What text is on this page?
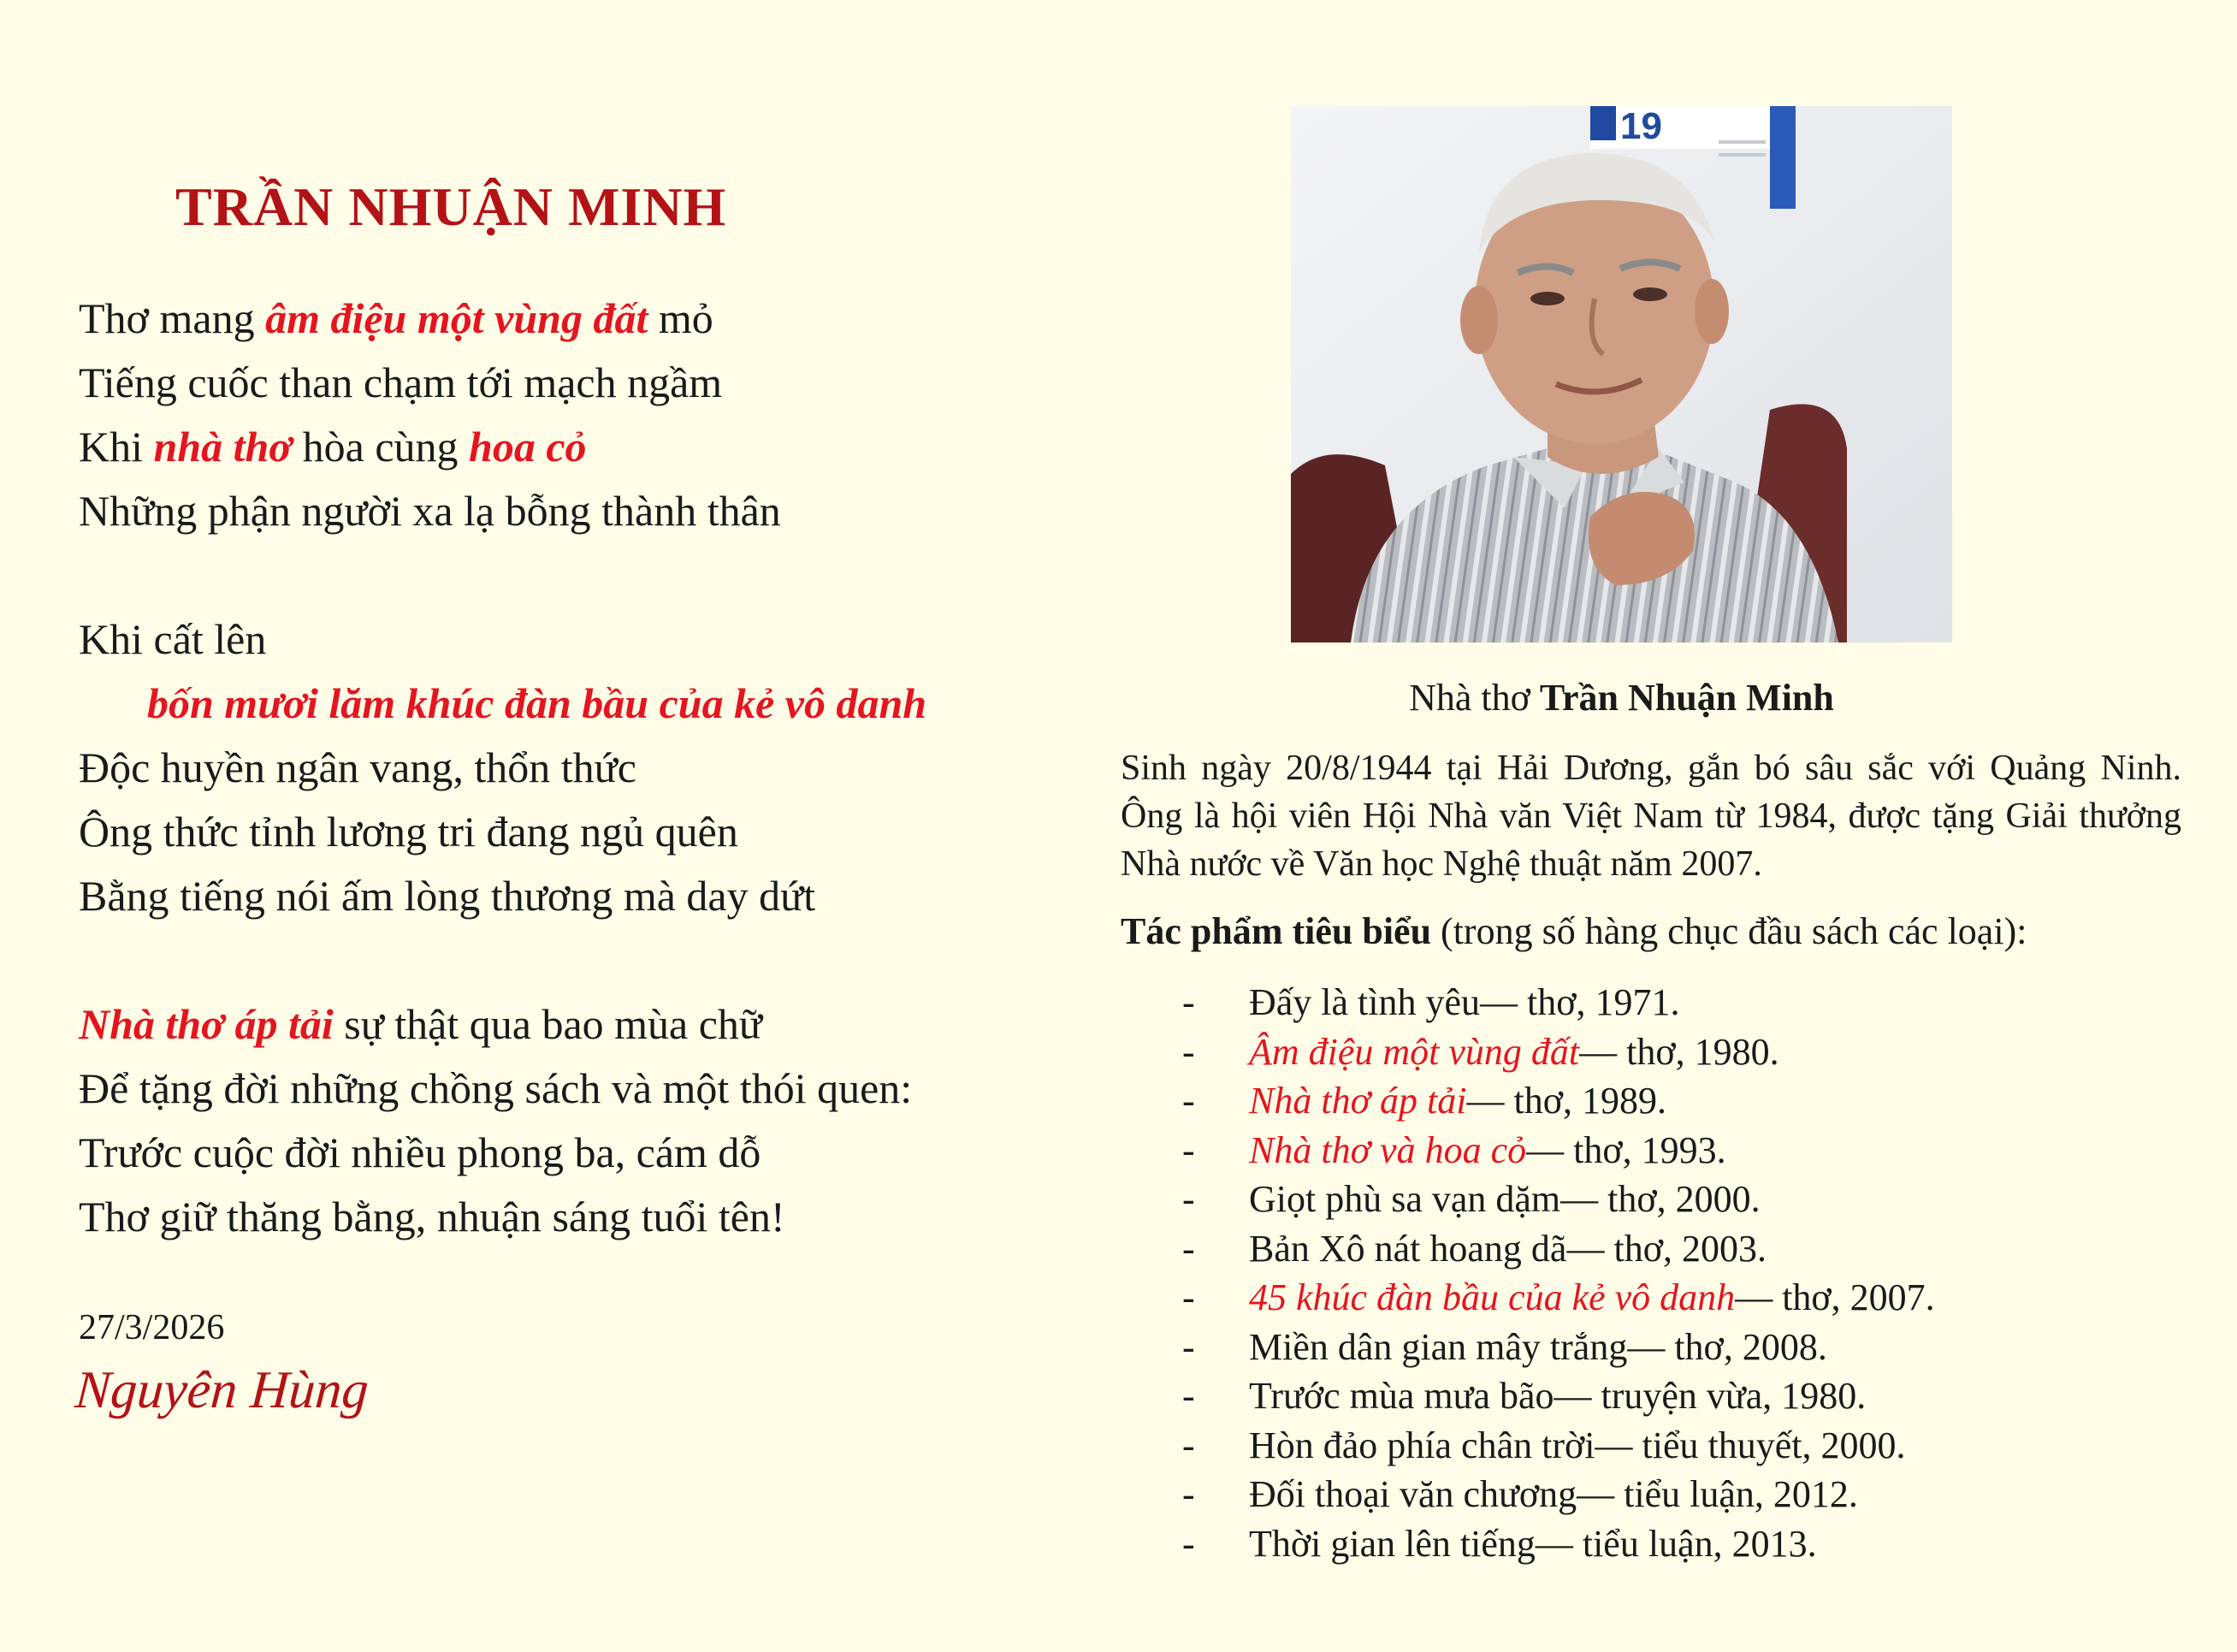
TRẦN NHUẬN MINH
Thơ mang âm điệu một vùng đất mỏ
Tiếng cuốc than chạm tới mạch ngầm
Khi nhà thơ hòa cùng hoa cỏ
Những phận người xa lạ bỗng thành thân
Khi cất lên
bốn mươi lăm khúc đàn bầu của kẻ vô danh
Độc huyền ngân vang, thổn thức
Ông thức tỉnh lương tri đang ngủ quên
Bằng tiếng nói ấm lòng thương mà day dứt
Nhà thơ áp tải sự thật qua bao mùa chữ
Để tặng đời những chồng sách và một thói quen:
Trước cuộc đời nhiều phong ba, cám dỗ
Thơ giữ thăng bằng, nhuận sáng tuổi tên!
27/3/2026
Nguyên Hùng
19
Nhà thơ Trần Nhuận Minh
Sinh ngày 20/8/1944 tại Hải Dương, gắn bó sâu sắc với Quảng Ninh. Ông là hội viên Hội Nhà văn Việt Nam từ 1984, được tặng Giải thưởng Nhà nước về Văn học Nghệ thuật năm 2007.
Tác phẩm tiêu biểu (trong số hàng chục đầu sách các loại):
-	Đấy là tình yêu — thơ, 1971.
-	Âm điệu một vùng đất — thơ, 1980.
-	Nhà thơ áp tải — thơ, 1989.
-	Nhà thơ và hoa cỏ — thơ, 1993.
-	Giọt phù sa vạn dặm — thơ, 2000.
-	Bản Xô nát hoang dã — thơ, 2003.
-	45 khúc đàn bầu của kẻ vô danh — thơ, 2007.
-	Miền dân gian mây trắng — thơ, 2008.
-	Trước mùa mưa bão — truyện vừa, 1980.
-	Hòn đảo phía chân trời — tiểu thuyết, 2000.
-	Đối thoại văn chương — tiểu luận, 2012.
-	Thời gian lên tiếng — tiểu luận, 2013.
